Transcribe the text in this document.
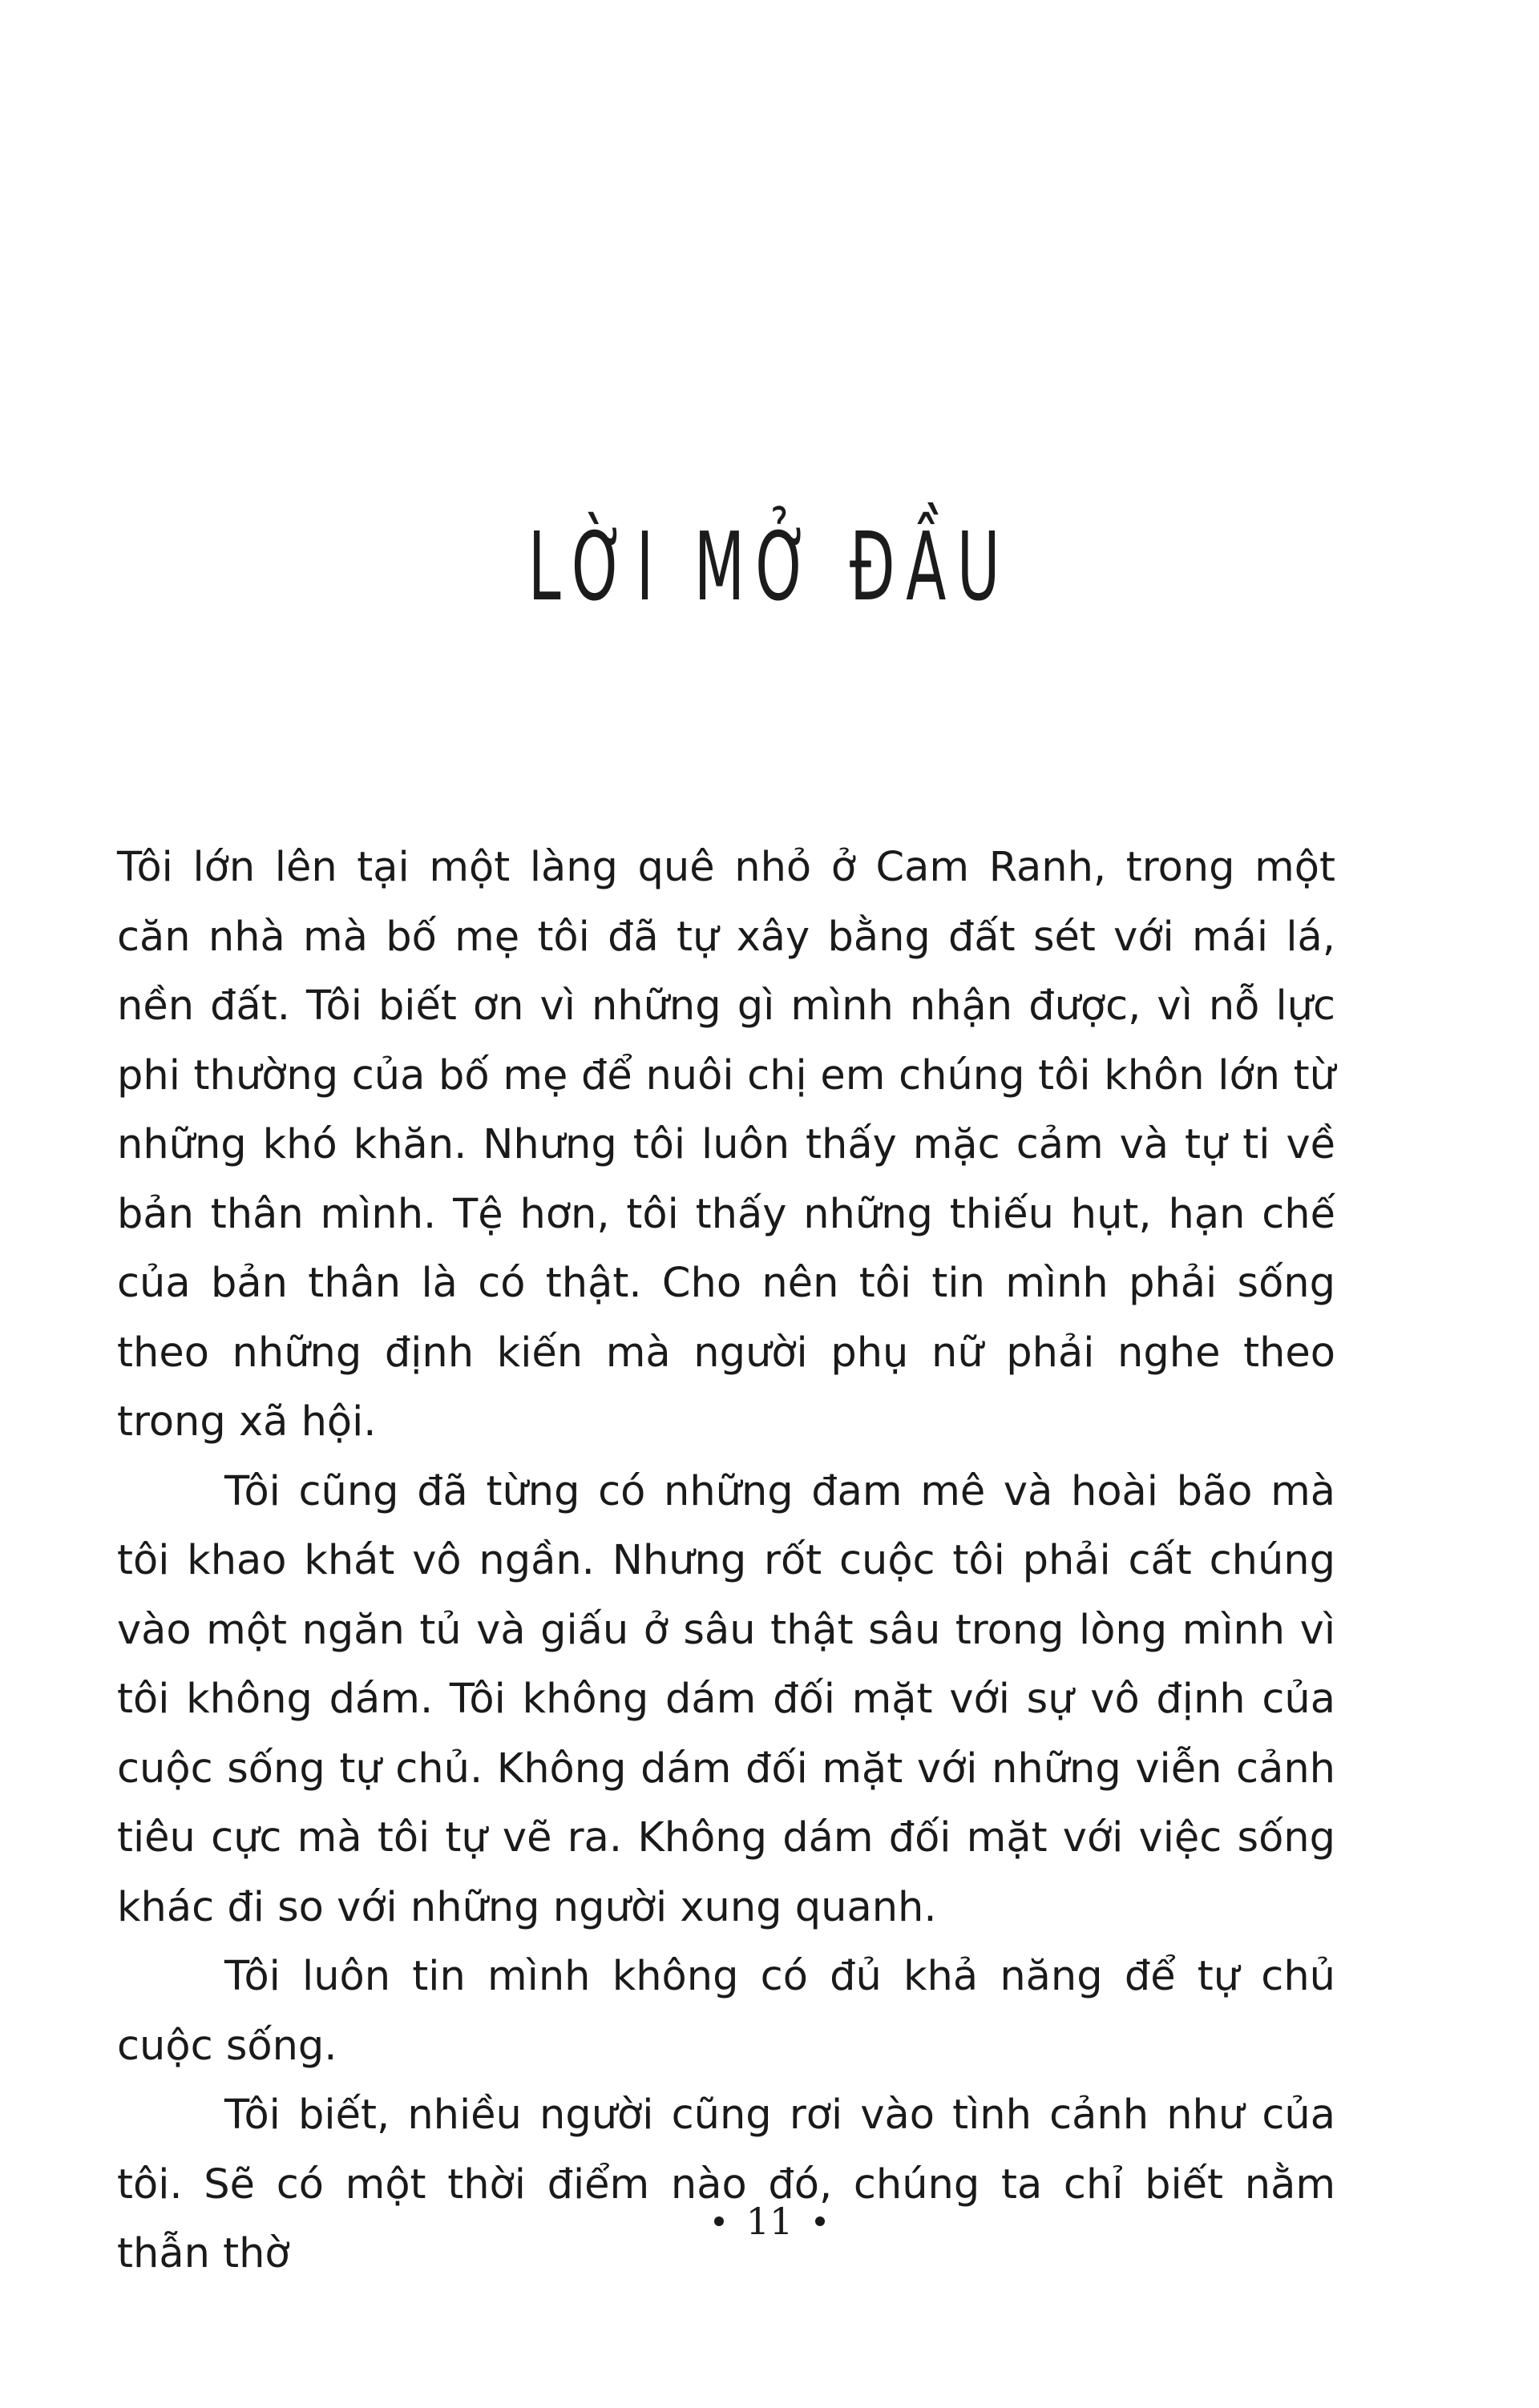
LỜI MỞ ĐẦU

Tôi lớn lên tại một làng quê nhỏ ở Cam Ranh, trong một căn nhà mà bố mẹ tôi đã tự xây bằng đất sét với mái lá, nền đất. Tôi biết ơn vì những gì mình nhận được, vì nỗ lực phi thường của bố mẹ để nuôi chị em chúng tôi khôn lớn từ những khó khăn. Nhưng tôi luôn thấy mặc cảm và tự ti về bản thân mình. Tệ hơn, tôi thấy những thiếu hụt, hạn chế của bản thân là có thật. Cho nên tôi tin mình phải sống theo những định kiến mà người phụ nữ phải nghe theo trong xã hội.

Tôi cũng đã từng có những đam mê và hoài bão mà tôi khao khát vô ngần. Nhưng rốt cuộc tôi phải cất chúng vào một ngăn tủ và giấu ở sâu thật sâu trong lòng mình vì tôi không dám. Tôi không dám đối mặt với sự vô định của cuộc sống tự chủ. Không dám đối mặt với những viễn cảnh tiêu cực mà tôi tự vẽ ra. Không dám đối mặt với việc sống khác đi so với những người xung quanh.

Tôi luôn tin mình không có đủ khả năng để tự chủ cuộc sống.

Tôi biết, nhiều người cũng rơi vào tình cảnh như của tôi. Sẽ có một thời điểm nào đó, chúng ta chỉ biết nằm thẫn thờ

11
